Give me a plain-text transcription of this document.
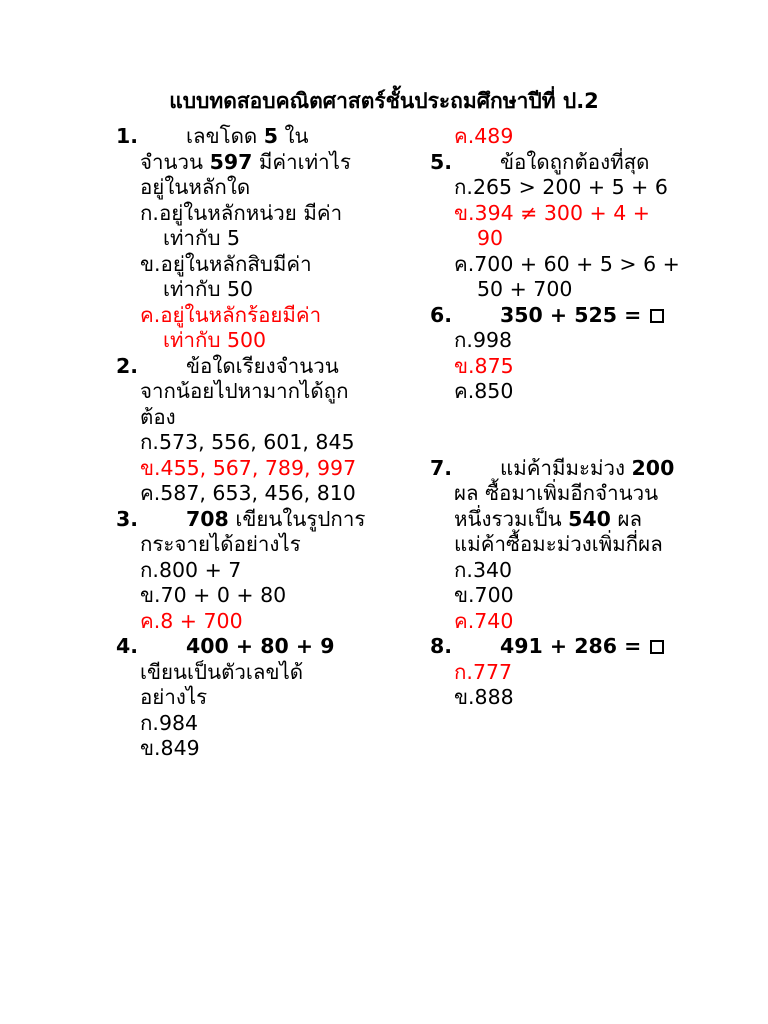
แบบทดสอบคณิตศาสตร์ชั้นประถมศึกษาปีที่ ป.2
1.	เลขโดด 5 ในจำนวน 597 มีค่าเท่าไร อยู่ในหลักใด
ก.อยู่ในหลักหน่วย มีค่าเท่ากับ 5
ข.อยู่ในหลักสิบมีค่าเท่ากับ 50
ค.อยู่ในหลักร้อยมีค่าเท่ากับ 500
2.	ข้อใดเรียงจำนวนจากน้อยไปหามากได้ถูกต้อง
ก.573, 556, 601, 845
ข.455, 567, 789, 997
ค.587, 653, 456, 810
3.	708 เขียนในรูปการกระจายได้อย่างไร
ก.800 + 7
ข.70 + 0 + 80
ค.8 + 700
4.	400 + 80 + 9 เขียนเป็นตัวเลขได้อย่างไร
ก.984
ข.849
ค.489
5.	ข้อใดถูกต้องที่สุด
ก.265 > 200 + 5 + 6
ข.394 ≠ 300 + 4 + 90
ค.700 + 60 + 5 > 6 + 50 + 700
6.	350 + 525 =
ก.998
ข.875
ค.850
7.	แม่ค้ามีมะม่วง 200 ผล ซื้อมาเพิ่มอีกจำนวนหนึ่งรวมเป็น 540 ผล แม่ค้าซื้อมะม่วงเพิ่มกี่ผล
ก.340
ข.700
ค.740
8.	491 + 286 =
ก.777
ข.888
